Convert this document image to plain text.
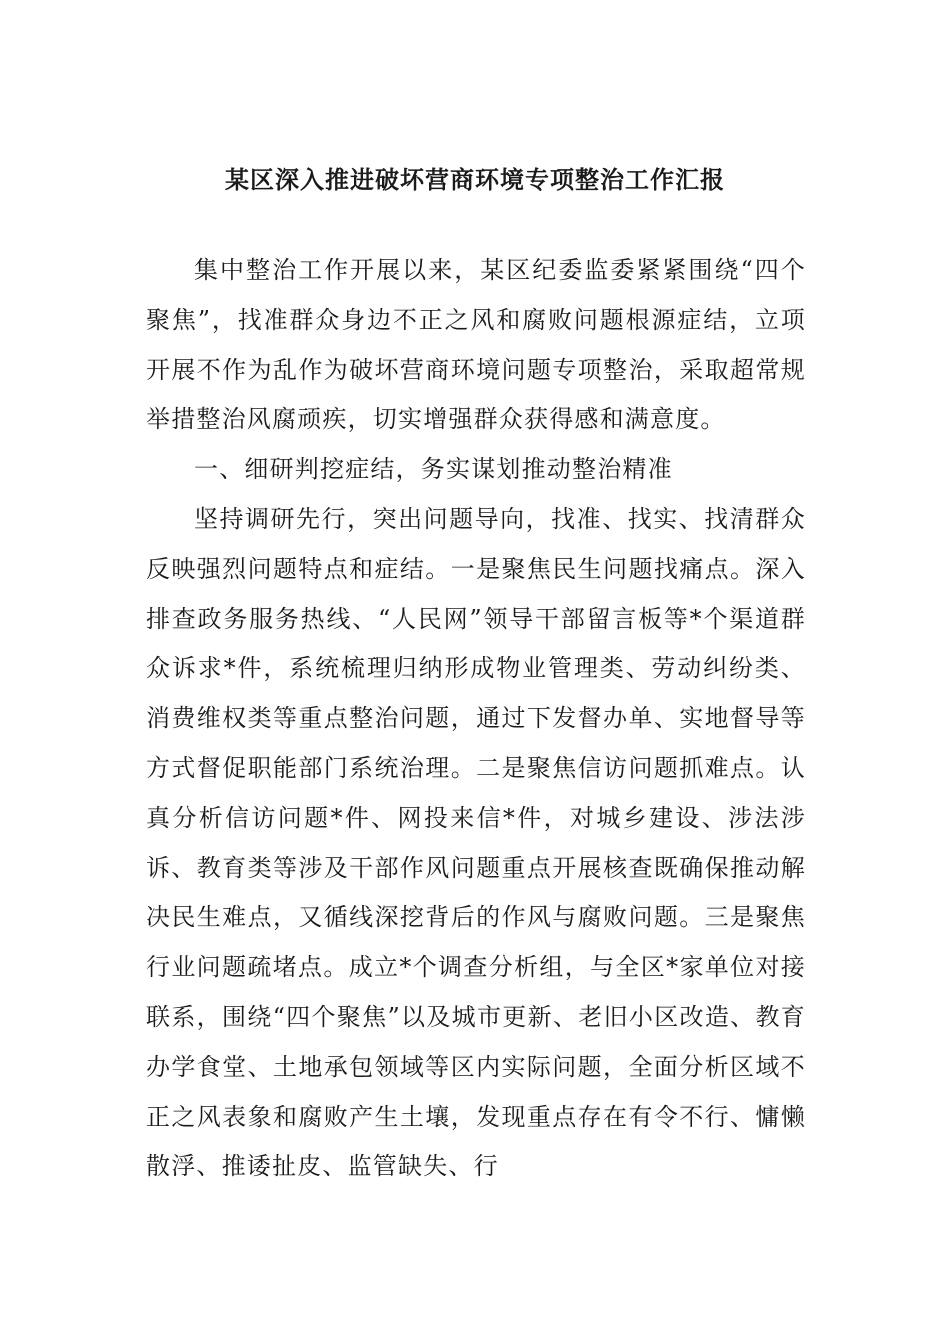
某区深入推进破坏营商环境专项整治工作汇报

集中整治工作开展以来，某区纪委监委紧紧围绕“四个聚焦”，找准群众身边不正之风和腐败问题根源症结，立项开展不作为乱作为破坏营商环境问题专项整治，采取超常规举措整治风腐顽疾，切实增强群众获得感和满意度。

一、细研判挖症结，务实谋划推动整治精准

坚持调研先行，突出问题导向，找准、找实、找清群众反映强烈问题特点和症结。一是聚焦民生问题找痛点。深入排查政务服务热线、“人民网”领导干部留言板等*个渠道群众诉求*件，系统梳理归纳形成物业管理类、劳动纠纷类、消费维权类等重点整治问题，通过下发督办单、实地督导等方式督促职能部门系统治理。二是聚焦信访问题抓难点。认真分析信访问题*件、网投来信*件，对城乡建设、涉法涉诉、教育类等涉及干部作风问题重点开展核查既确保推动解决民生难点，又循线深挖背后的作风与腐败问题。三是聚焦行业问题疏堵点。成立*个调查分析组，与全区*家单位对接联系，围绕“四个聚焦”以及城市更新、老旧小区改造、教育办学食堂、土地承包领域等区内实际问题，全面分析区域不正之风表象和腐败产生土壤，发现重点存在有令不行、慵懒散浮、推诿扯皮、监管缺失、行
